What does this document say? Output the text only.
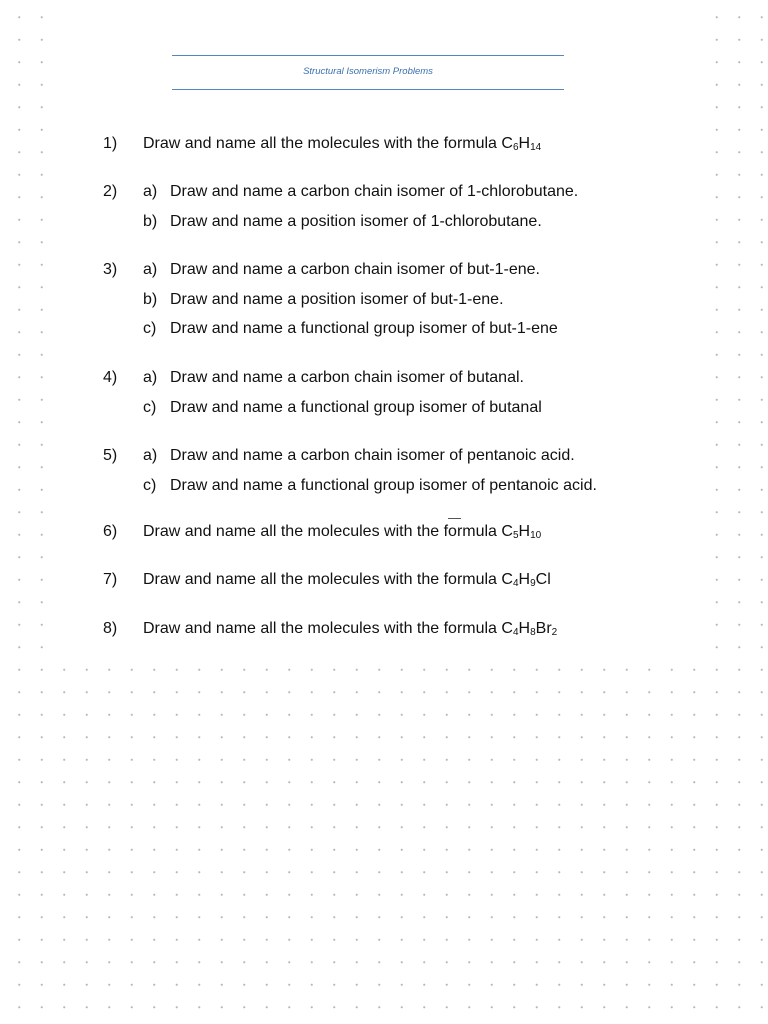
Structural Isomerism Problems
1) Draw and name all the molecules with the formula $C_6H_{14}$
2) a) Draw and name a carbon chain isomer of 1-chlorobutane.
b) Draw and name a position isomer of 1-chlorobutane.
3) a) Draw and name a carbon chain isomer of but-1-ene.
b) Draw and name a position isomer of but-1-ene.
c) Draw and name a functional group isomer of but-1-ene
4) a) Draw and name a carbon chain isomer of butanal.
c) Draw and name a functional group isomer of butanal
5) a) Draw and name a carbon chain isomer of pentanoic acid.
c) Draw and name a functional group isomer of pentanoic acid.
6) Draw and name all the molecules with the formula $C_5H_{10}$
7) Draw and name all the molecules with the formula $C_4H_9Cl$
8) Draw and name all the molecules with the formula $C_4H_8Br_2$
